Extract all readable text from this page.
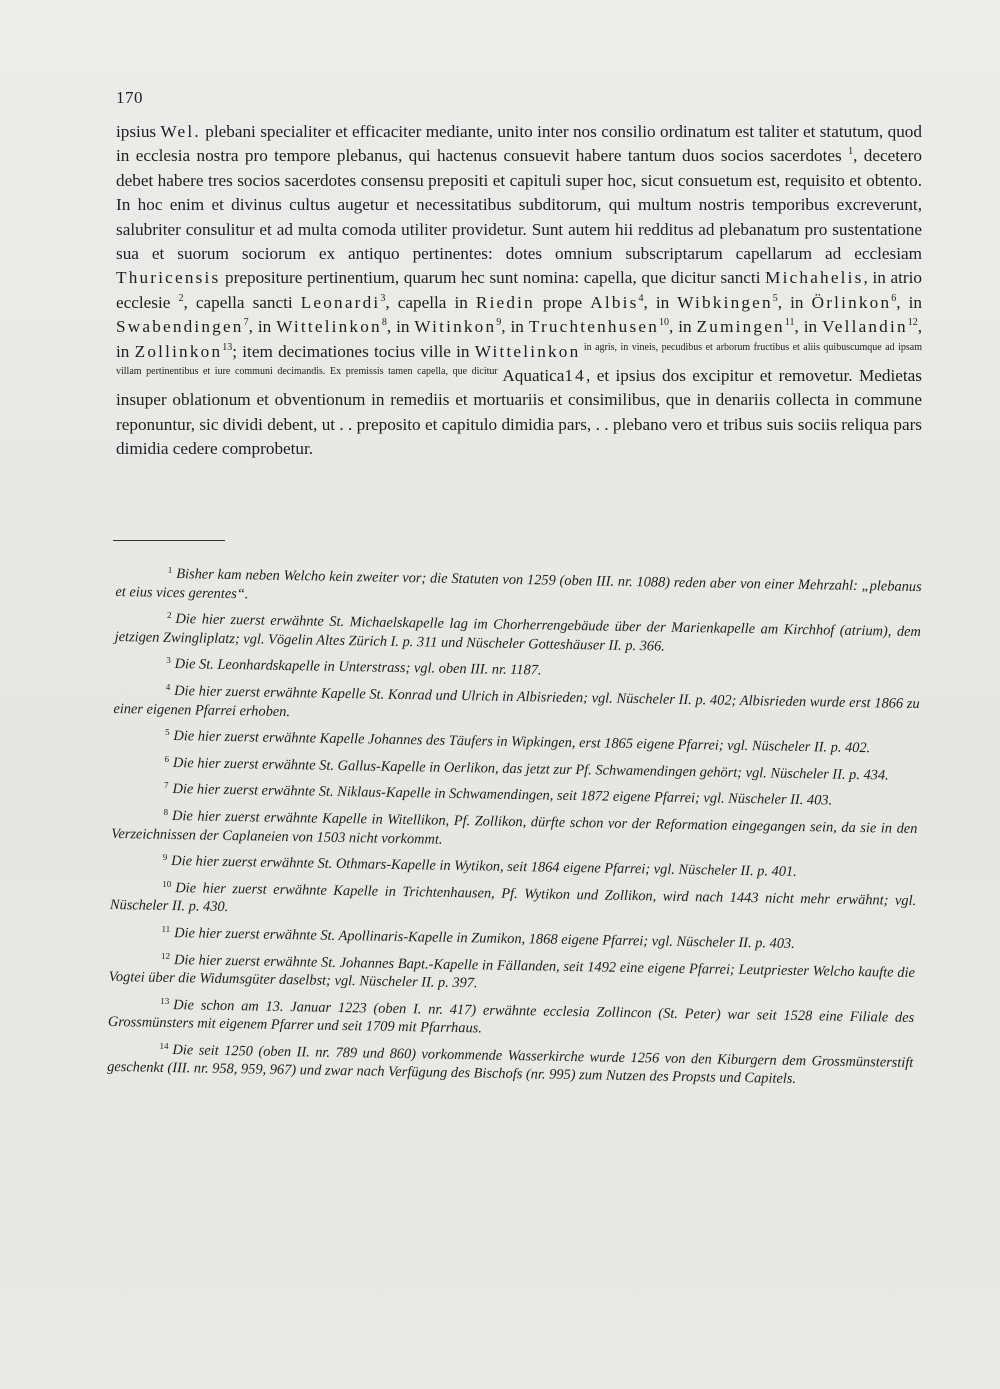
170

ipsius Wel. plebani specialiter et efficaciter mediante, unito inter nos consilio ordinatum est taliter et statutum, quod in ecclesia nostra pro tempore plebanus, qui hactenus consuevit habere tantum duos socios sacerdotes $^1$, decetero debet habere tres socios sacerdotes consensu prepositi et capituli super hoc, sicut consuetum est, requisito et obtento. In hoc enim et divinus cultus augetur et necessitatibus subditorum, qui multum nostris temporibus excreverunt, salubriter consulitur et ad multa comoda utiliter providetur. Sunt autem hii redditus ad plebanatum pro sustentatione sua et suorum sociorum ex antiquo pertinentes: dotes omnium subscriptarum capellarum ad ecclesiam Thuricensis prepositure pertinentium, quarum hec sunt nomina: capella, que dicitur sancti Michahelis, in atrio ecclesie $^2$, capella sancti Leonardi$^3$, capella in Riedin prope Albis$^4$, in Wibkingen$^5$, in Örlinkon$^6$, in Swabendingen$^7$, in Wittelinkon$^8$, in Witinkon$^9$, in Truchtenhusen$^{10}$, in Zumingen$^{11}$, in Vellandin$^{12}$, in Zollinkon$^{13}$; item decimationes tocius ville in Wittelinkon $^{in agris, in vineis, pecudibus et arborum fructibus et aliis quibuscumque ad ipsam villam pertinentibus et iure communi decimandis. Ex premissis tamen capella, que dicitur}$ Aquatica14, et ipsius dos excipitur et removetur. Medietas insuper oblationum et obventionum in remediis et mortuariis et consimilibus, que in denariis collecta in commune reponuntur, sic dividi debent, ut . . preposito et capitulo dimidia pars, . . plebano vero et tribus suis sociis reliqua pars dimidia cedere comprobetur.

$^1$ Bisher kam neben Welcho kein zweiter vor; die Statuten von 1259 (oben III. nr. 1088) reden aber von einer Mehrzahl: „plebanus et eius vices gerentes“.

$^2$ Die hier zuerst erwähnte St. Michaelskapelle lag im Chorherrengebäude über der Marienkapelle am Kirchhof (atrium), dem jetzigen Zwingliplatz; vgl. Vögelin Altes Zürich I. p. 311 und Nüscheler Gotteshäuser II. p. 366.

$^3$ Die St. Leonhardskapelle in Unterstrass; vgl. oben III. nr. 1187.

$^4$ Die hier zuerst erwähnte Kapelle St. Konrad und Ulrich in Albisrieden; vgl. Nüscheler II. p. 402; Albisrieden wurde erst 1866 zu einer eigenen Pfarrei erhoben.

$^5$ Die hier zuerst erwähnte Kapelle Johannes des Täufers in Wipkingen, erst 1865 eigene Pfarrei; vgl. Nüscheler II. p. 402.

$^6$ Die hier zuerst erwähnte St. Gallus-Kapelle in Oerlikon, das jetzt zur Pf. Schwamendingen gehört; vgl. Nüscheler II. p. 434.

$^7$ Die hier zuerst erwähnte St. Niklaus-Kapelle in Schwamendingen, seit 1872 eigene Pfarrei; vgl. Nüscheler II. 403.

$^8$ Die hier zuerst erwähnte Kapelle in Witellikon, Pf. Zollikon, dürfte schon vor der Reformation eingegangen sein, da sie in den Verzeichnissen der Caplaneien von 1503 nicht vorkommt.

$^9$ Die hier zuerst erwähnte St. Othmars-Kapelle in Wytikon, seit 1864 eigene Pfarrei; vgl. Nüscheler II. p. 401.

$^{10}$ Die hier zuerst erwähnte Kapelle in Trichtenhausen, Pf. Wytikon und Zollikon, wird nach 1443 nicht mehr erwähnt; vgl. Nüscheler II. p. 430.

$^{11}$ Die hier zuerst erwähnte St. Apollinaris-Kapelle in Zumikon, 1868 eigene Pfarrei; vgl. Nüscheler II. p. 403.

$^{12}$ Die hier zuerst erwähnte St. Johannes Bapt.-Kapelle in Fällanden, seit 1492 eine eigene Pfarrei; Leutpriester Welcho kaufte die Vogtei über die Widumsgüter daselbst; vgl. Nüscheler II. p. 397.

$^{13}$ Die schon am 13. Januar 1223 (oben I. nr. 417) erwähnte ecclesia Zollincon (St. Peter) war seit 1528 eine Filiale des Grossmünsters mit eigenem Pfarrer und seit 1709 mit Pfarrhaus.

$^{14}$ Die seit 1250 (oben II. nr. 789 und 860) vorkommende Wasserkirche wurde 1256 von den Kiburgern dem Grossmünsterstift geschenkt (III. nr. 958, 959, 967) und zwar nach Verfügung des Bischofs (nr. 995) zum Nutzen des Propsts und Capitels.
